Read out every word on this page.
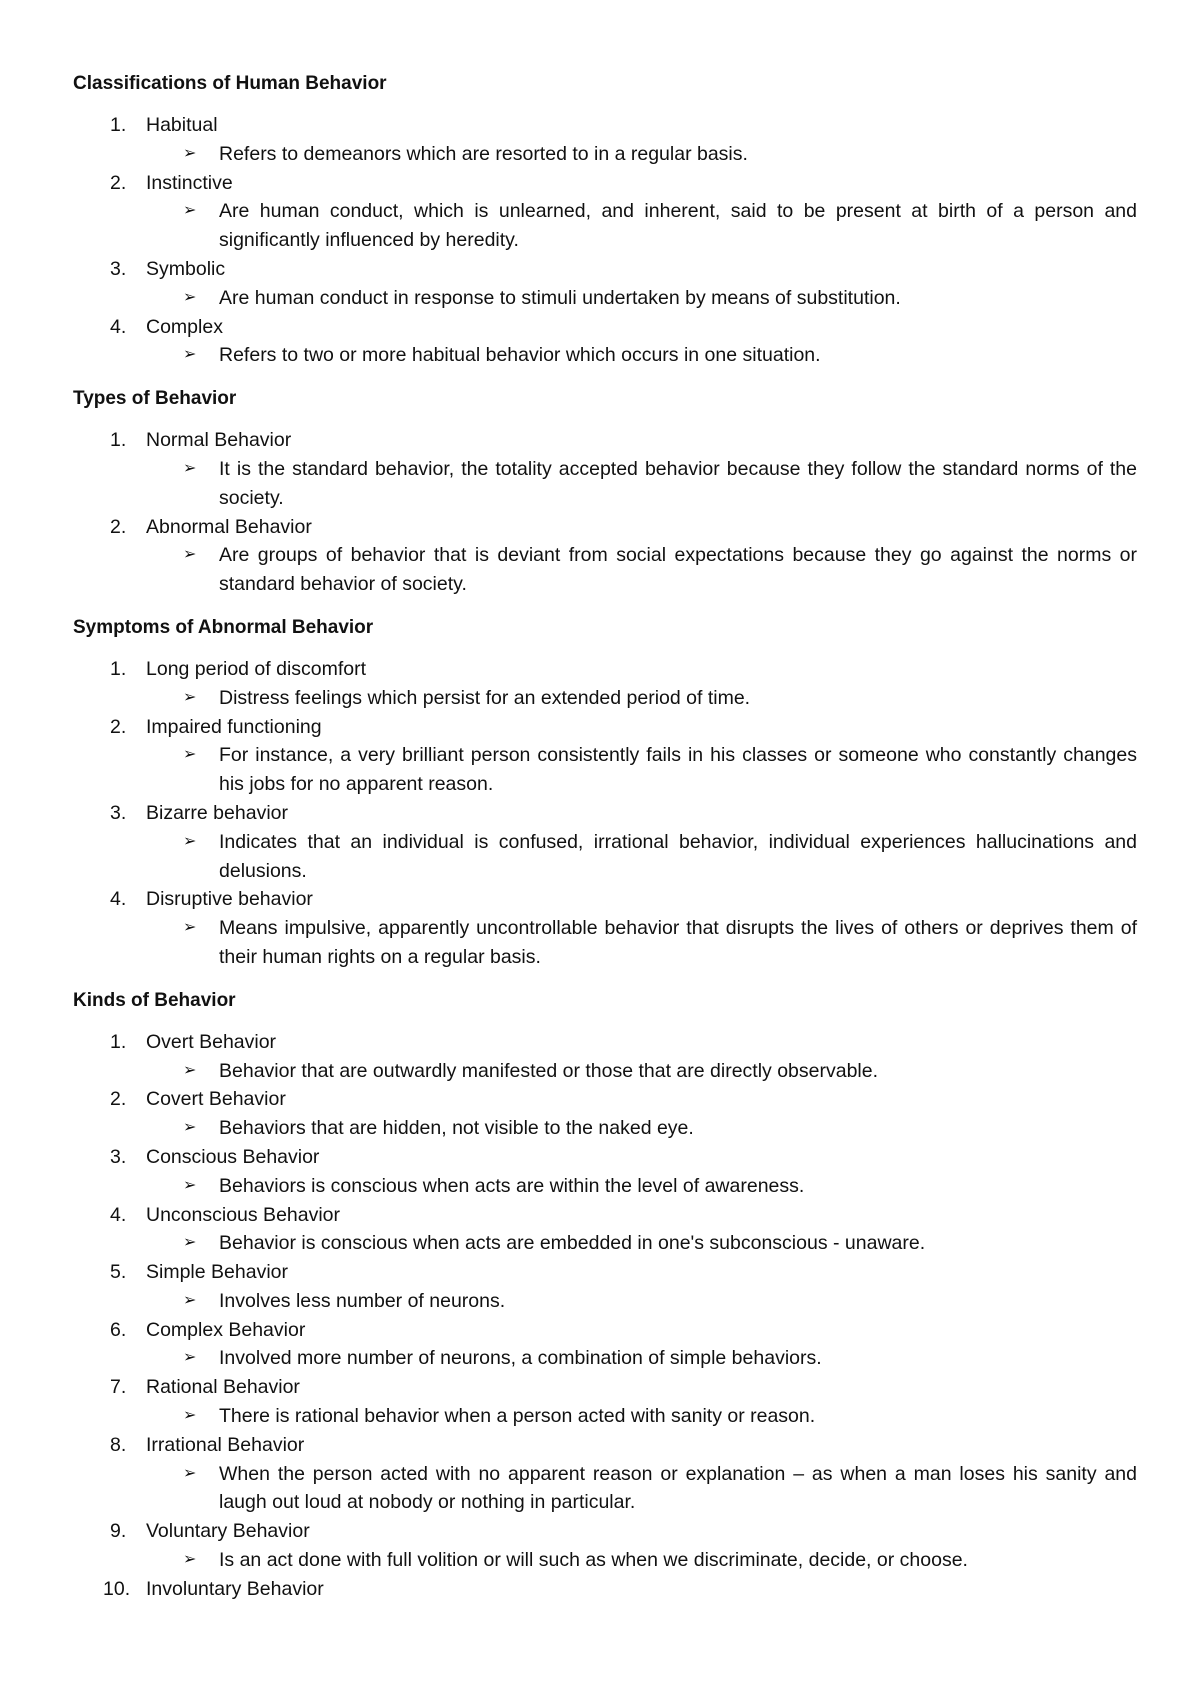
Classifications of Human Behavior
1. Habitual
➢ Refers to demeanors which are resorted to in a regular basis.
2. Instinctive
➢ Are human conduct, which is unlearned, and inherent, said to be present at birth of a person and significantly influenced by heredity.
3. Symbolic
➢ Are human conduct in response to stimuli undertaken by means of substitution.
4. Complex
➢ Refers to two or more habitual behavior which occurs in one situation.
Types of Behavior
1. Normal Behavior
➢ It is the standard behavior, the totality accepted behavior because they follow the standard norms of the society.
2. Abnormal Behavior
➢ Are groups of behavior that is deviant from social expectations because they go against the norms or standard behavior of society.
Symptoms of Abnormal Behavior
1. Long period of discomfort
➢ Distress feelings which persist for an extended period of time.
2. Impaired functioning
➢ For instance, a very brilliant person consistently fails in his classes or someone who constantly changes his jobs for no apparent reason.
3. Bizarre behavior
➢ Indicates that an individual is confused, irrational behavior, individual experiences hallucinations and delusions.
4. Disruptive behavior
➢ Means impulsive, apparently uncontrollable behavior that disrupts the lives of others or deprives them of their human rights on a regular basis.
Kinds of Behavior
1. Overt Behavior
➢ Behavior that are outwardly manifested or those that are directly observable.
2. Covert Behavior
➢ Behaviors that are hidden, not visible to the naked eye.
3. Conscious Behavior
➢ Behaviors is conscious when acts are within the level of awareness.
4. Unconscious Behavior
➢ Behavior is conscious when acts are embedded in one's subconscious - unaware.
5. Simple Behavior
➢ Involves less number of neurons.
6. Complex Behavior
➢ Involved more number of neurons, a combination of simple behaviors.
7. Rational Behavior
➢ There is rational behavior when a person acted with sanity or reason.
8. Irrational Behavior
➢ When the person acted with no apparent reason or explanation – as when a man loses his sanity and laugh out loud at nobody or nothing in particular.
9. Voluntary Behavior
➢ Is an act done with full volition or will such as when we discriminate, decide, or choose.
10. Involuntary Behavior
